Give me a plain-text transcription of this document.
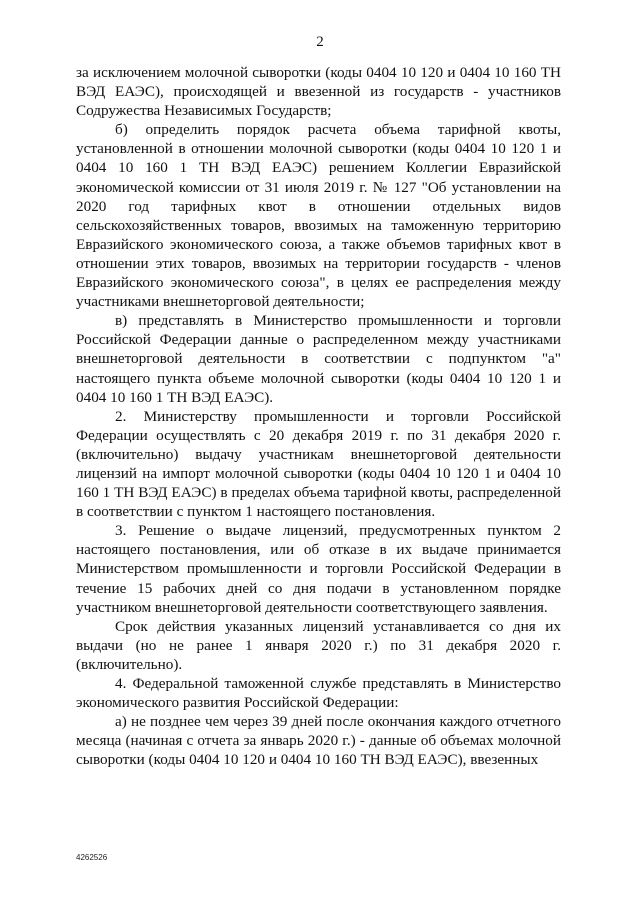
2

за исключением молочной сыворотки (коды 0404 10 120 и 0404 10 160 ТН ВЭД ЕАЭС), происходящей и ввезенной из государств - участников Содружества Независимых Государств;

б) определить порядок расчета объема тарифной квоты, установленной в отношении молочной сыворотки (коды 0404 10 120 1 и 0404 10 160 1 ТН ВЭД ЕАЭС) решением Коллегии Евразийской экономической комиссии от 31 июля 2019 г. № 127 "Об установлении на 2020 год тарифных квот в отношении отдельных видов сельскохозяйственных товаров, ввозимых на таможенную территорию Евразийского экономического союза, а также объемов тарифных квот в отношении этих товаров, ввозимых на территории государств - членов Евразийского экономического союза", в целях ее распределения между участниками внешнеторговой деятельности;

в) представлять в Министерство промышленности и торговли Российской Федерации данные о распределенном между участниками внешнеторговой деятельности в соответствии с подпунктом "а" настоящего пункта объеме молочной сыворотки (коды 0404 10 120 1 и 0404 10 160 1 ТН ВЭД ЕАЭС).

2. Министерству промышленности и торговли Российской Федерации осуществлять с 20 декабря 2019 г. по 31 декабря 2020 г. (включительно) выдачу участникам внешнеторговой деятельности лицензий на импорт молочной сыворотки (коды 0404 10 120 1 и 0404 10 160 1 ТН ВЭД ЕАЭС) в пределах объема тарифной квоты, распределенной в соответствии с пунктом 1 настоящего постановления.

3. Решение о выдаче лицензий, предусмотренных пунктом 2 настоящего постановления, или об отказе в их выдаче принимается Министерством промышленности и торговли Российской Федерации в течение 15 рабочих дней со дня подачи в установленном порядке участником внешнеторговой деятельности соответствующего заявления.

Срок действия указанных лицензий устанавливается со дня их выдачи (но не ранее 1 января 2020 г.) по 31 декабря 2020 г. (включительно).

4. Федеральной таможенной службе представлять в Министерство экономического развития Российской Федерации:

а) не позднее чем через 39 дней после окончания каждого отчетного месяца (начиная с отчета за январь 2020 г.) - данные об объемах молочной сыворотки (коды 0404 10 120 и 0404 10 160 ТН ВЭД ЕАЭС), ввезенных

4262526
